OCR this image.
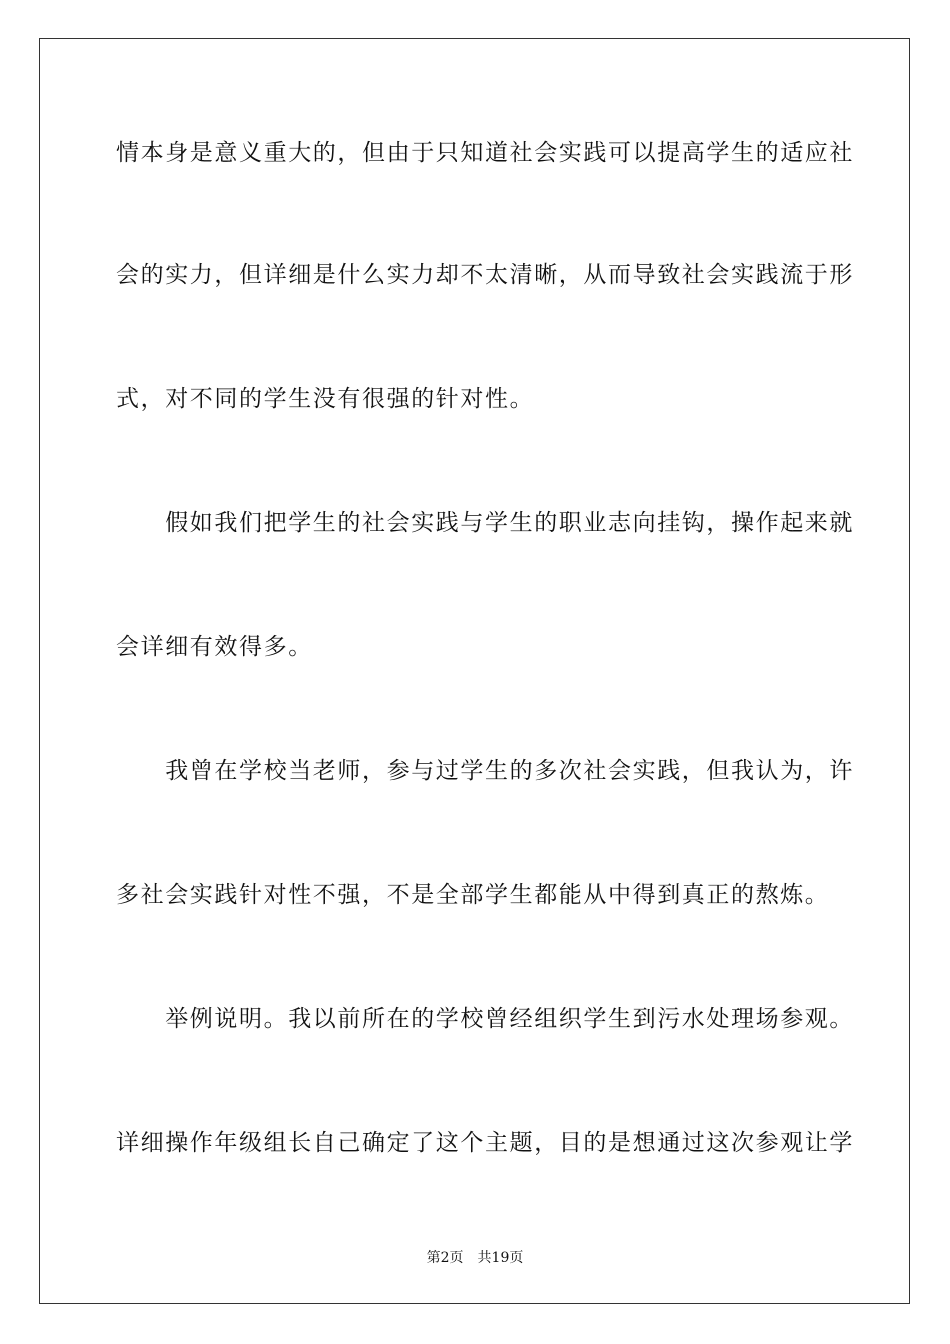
情本身是意义重大的，但由于只知道社会实践可以提高学生的适应社
会的实力，但详细是什么实力却不太清晰，从而导致社会实践流于形
式，对不同的学生没有很强的针对性。
　　假如我们把学生的社会实践与学生的职业志向挂钩，操作起来就
会详细有效得多。
　　我曾在学校当老师，参与过学生的多次社会实践，但我认为，许
多社会实践针对性不强，不是全部学生都能从中得到真正的熬炼。
　　举例说明。我以前所在的学校曾经组织学生到污水处理场参观。
详细操作年级组长自己确定了这个主题，目的是想通过这次参观让学
第2页 共19页
